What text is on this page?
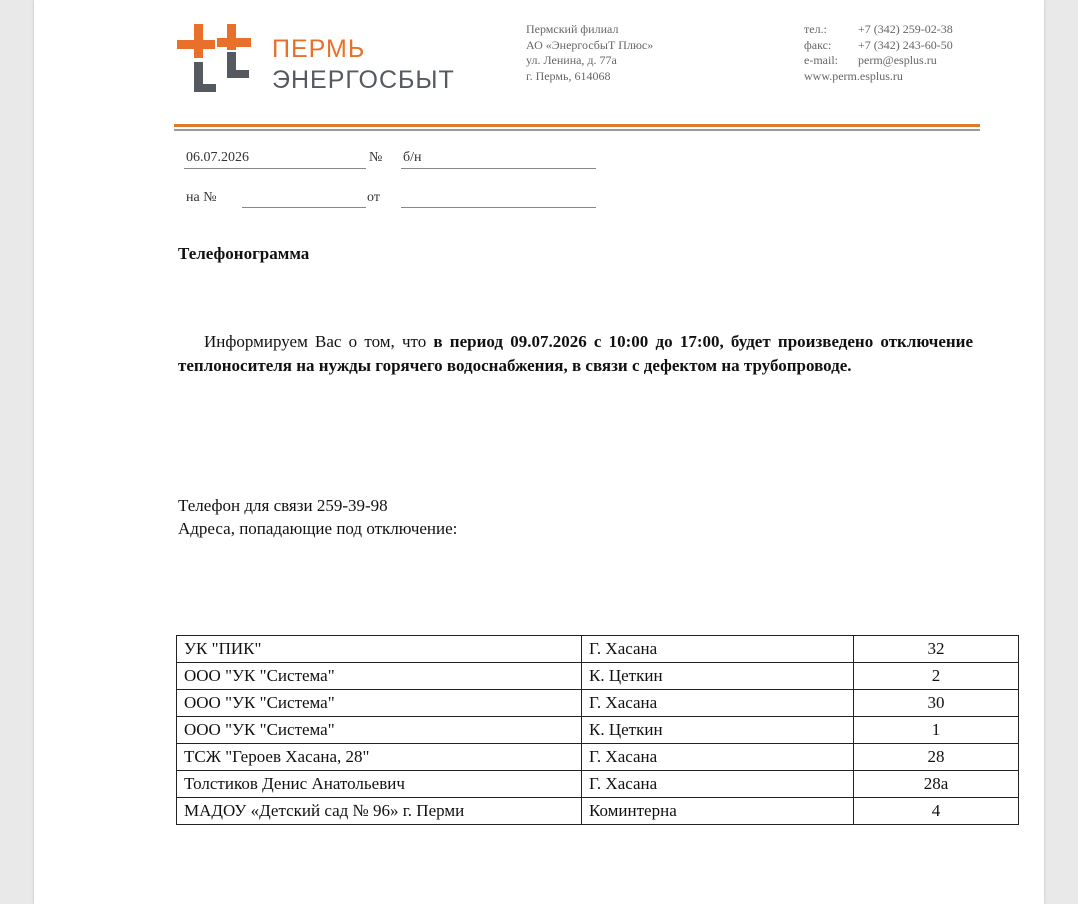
ПЕРМЬ
ЭНЕРГОСБЫТ
Пермский филиал
АО «ЭнергосбыТ Плюс»
ул. Ленина, д. 77а
г. Пермь, 614068
тел.:	+7 (342) 259-02-38
факс:	+7 (342) 243-60-50
e-mail:	perm@esplus.ru
www.perm.esplus.ru
06.07.2026	№ б/н
на №	от
Телефонограмма
Информируем Вас о том, что в период 09.07.2026 с 10:00 до 17:00, будет произведено отключение теплоносителя на нужды горячего водоснабжения, в связи с дефектом на трубопроводе.
Телефон для связи 259-39-98
Адреса, попадающие под отключение:
УК "ПИК"	Г. Хасана	32
ООО "УК "Система"	К. Цеткин	2
ООО "УК "Система"	Г. Хасана	30
ООО "УК "Система"	К. Цеткин	1
ТСЖ "Героев Хасана, 28"	Г. Хасана	28
Толстиков Денис Анатольевич	Г. Хасана	28а
МАДОУ «Детский сад № 96» г. Перми	Коминтерна	4
